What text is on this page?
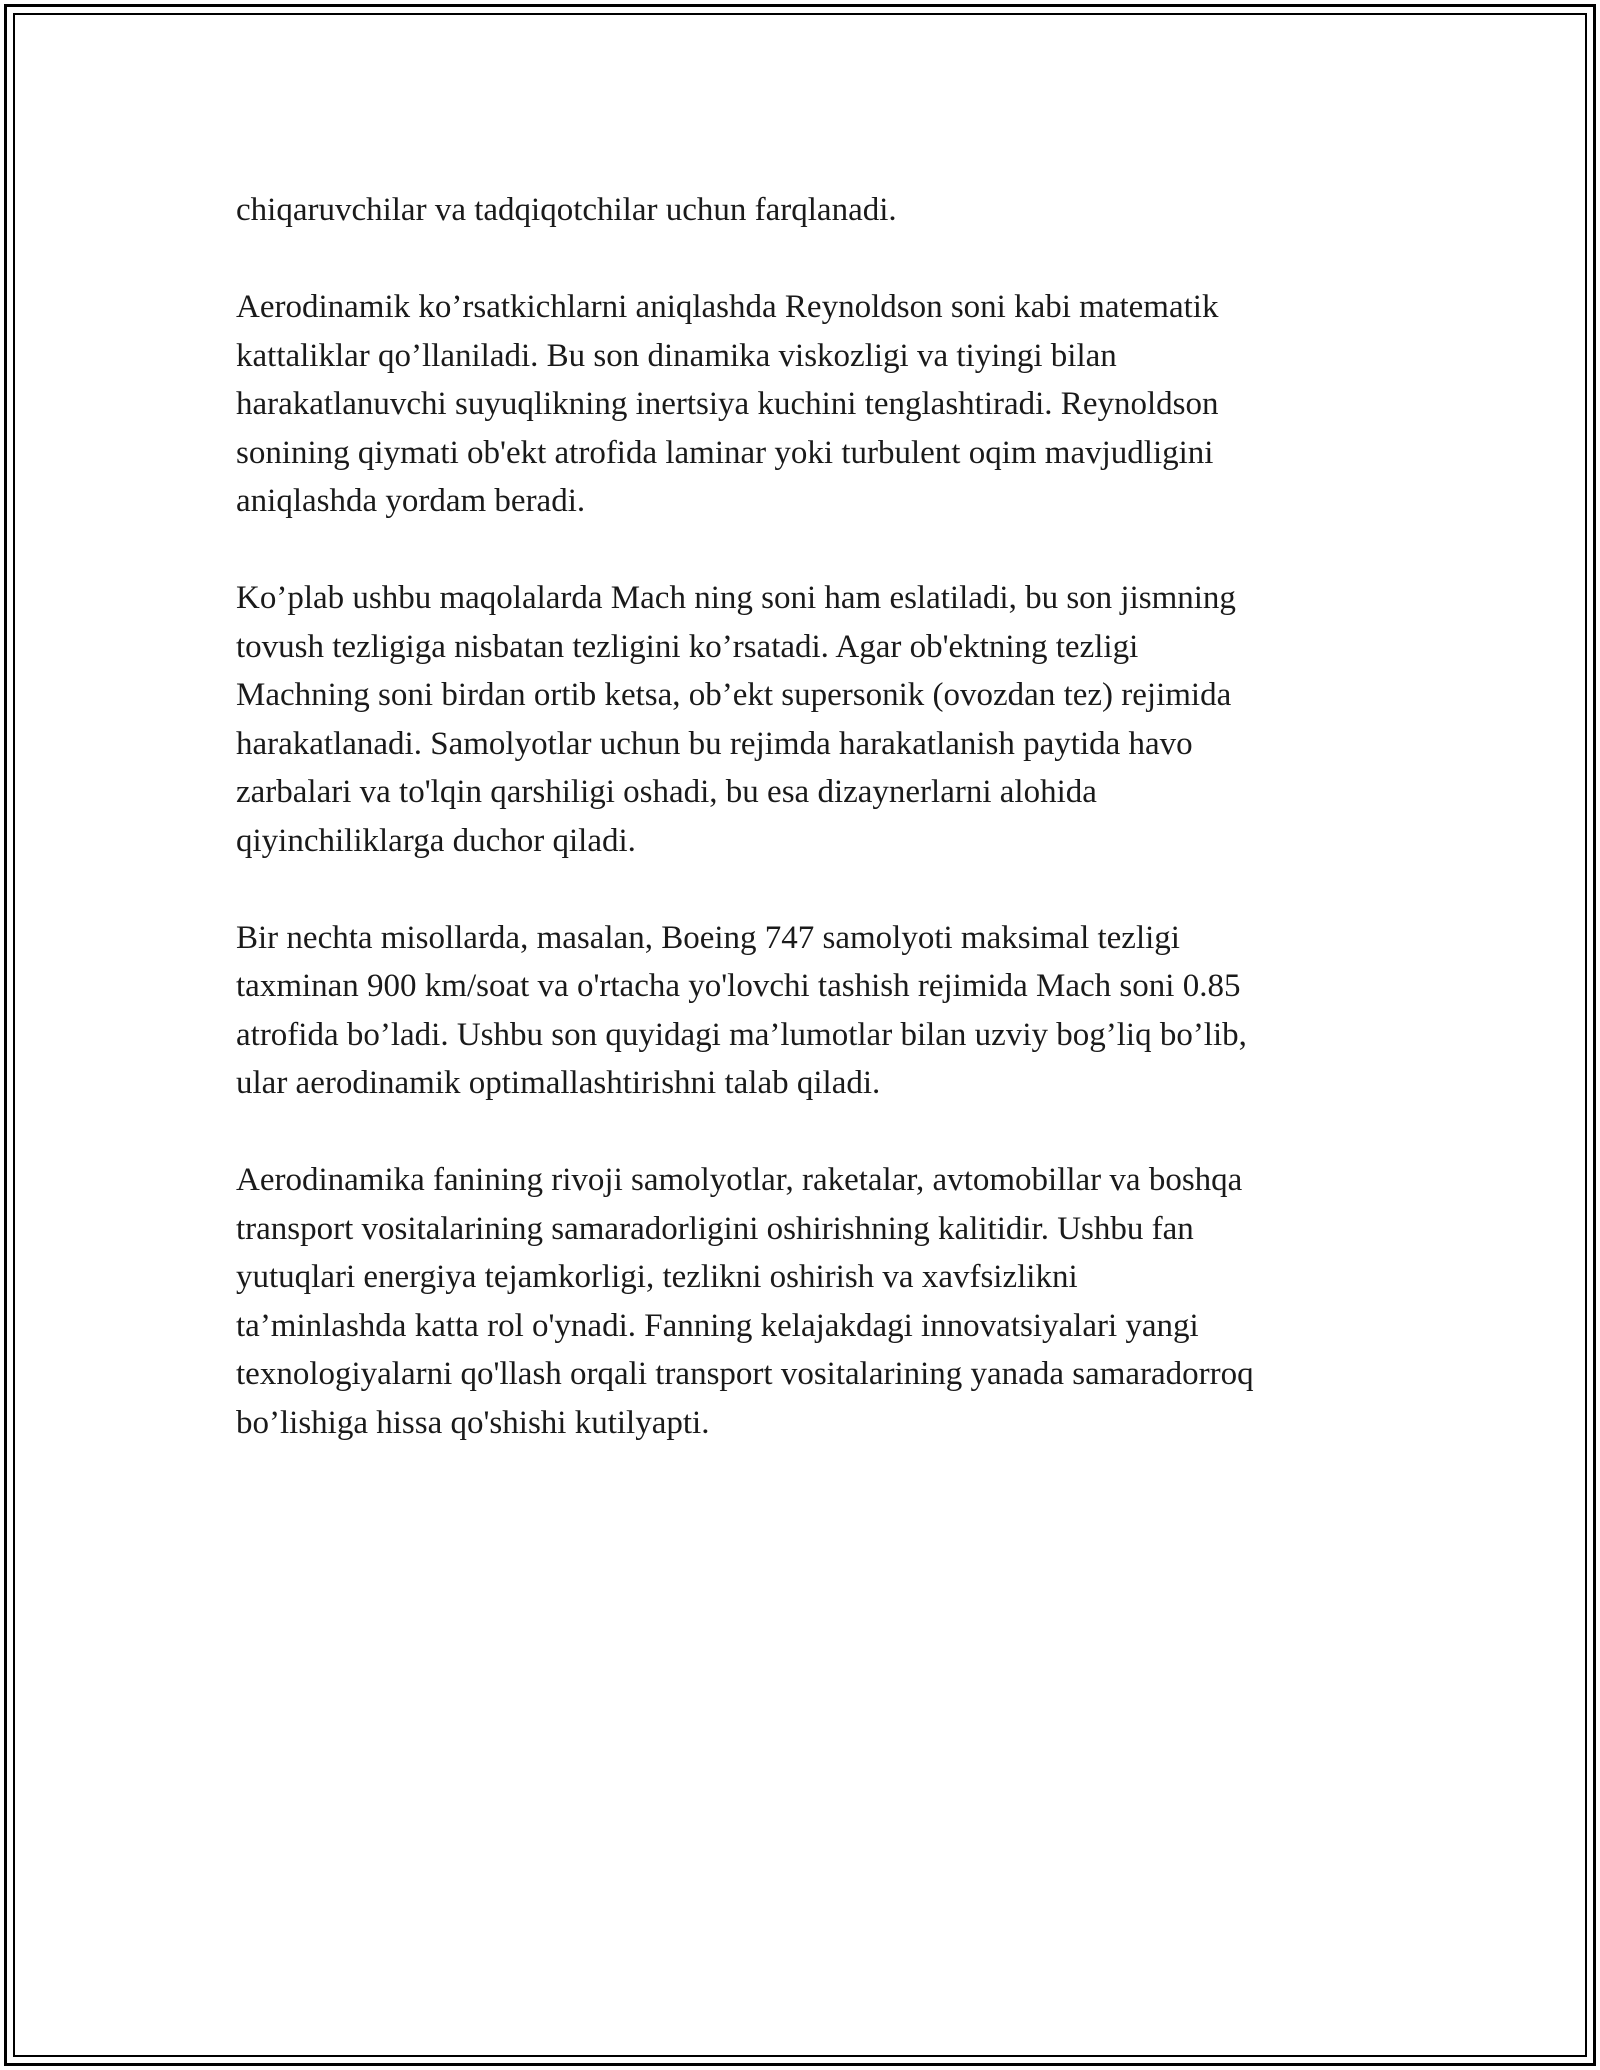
chiqaruvchilar va tadqiqotchilar uchun farqlanadi.

Aerodinamik ko’rsatkichlarni aniqlashda Reynoldson soni kabi matematik
kattaliklar qo’llaniladi. Bu son dinamika viskozligi va tiyingi bilan
harakatlanuvchi suyuqlikning inertsiya kuchini tenglashtiradi. Reynoldson
sonining qiymati ob'ekt atrofida laminar yoki turbulent oqim mavjudligini
aniqlashda yordam beradi.

Ko’plab ushbu maqolalarda Mach ning soni ham eslatiladi, bu son jismning
tovush tezligiga nisbatan tezligini ko’rsatadi. Agar ob'ektning tezligi
Machning soni birdan ortib ketsa, ob’ekt supersonik (ovozdan tez) rejimida
harakatlanadi. Samolyotlar uchun bu rejimda harakatlanish paytida havo
zarbalari va to'lqin qarshiligi oshadi, bu esa dizaynerlarni alohida
qiyinchiliklarga duchor qiladi.

Bir nechta misollarda, masalan, Boeing 747 samolyoti maksimal tezligi
taxminan 900 km/soat va o'rtacha yo'lovchi tashish rejimida Mach soni 0.85
atrofida bo’ladi. Ushbu son quyidagi ma’lumotlar bilan uzviy bog’liq bo’lib,
ular aerodinamik optimallashtirishni talab qiladi.

Aerodinamika fanining rivoji samolyotlar, raketalar, avtomobillar va boshqa
transport vositalarining samaradorligini oshirishning kalitidir. Ushbu fan
yutuqlari energiya tejamkorligi, tezlikni oshirish va xavfsizlikni
ta’minlashda katta rol o'ynadi. Fanning kelajakdagi innovatsiyalari yangi
texnologiyalarni qo'llash orqali transport vositalarining yanada samaradorroq
bo’lishiga hissa qo'shishi kutilyapti.
